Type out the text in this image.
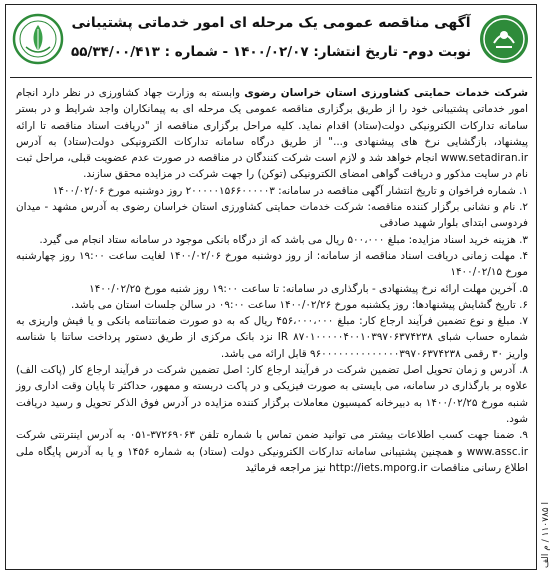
آگهی مناقصه عمومی یک مرحله ای امور خدماتی پشتیبانی
نوبت دوم- تاریخ انتشار: ۱۴۰۰/۰۲/۰۷ - شماره : ۵۵/۳۴/۰۰/۴۱۳

شرکت خدمات حمایتی کشاورزی استان خراسان رضوی وابسته به وزارت جهاد کشاورزی در نظر دارد انجام امور خدماتی پشتیبانی خود را از طریق برگزاری مناقصه عمومی یک مرحله ای به پیمانکاران واجد شرایط و در بستر سامانه تدارکات الکترونیکی دولت(ستاد) اقدام نماید. کلیه مراحل برگزاری مناقصه از "دریافت اسناد مناقصه تا ارائه پیشنهاد، بازگشایی نرخ های پیشنهادی و..." از طریق درگاه سامانه تدارکات الکترونیکی دولت(ستاد) به آدرس www.setadiran.ir انجام خواهد شد و لازم است شرکت کنندگان در مناقصه در صورت عدم عضویت قبلی، مراحل ثبت نام در سایت مذکور و دریافت گواهی امضای الکترونیکی (توکن) را جهت شرکت در مزایده محقق سازند.

۱. شماره فراخوان و تاریخ انتشار آگهی مناقصه در سامانه: ۲۰۰۰۰۰۱۵۶۶۰۰۰۰۰۳ روز دوشنبه مورخ ۱۴۰۰/۰۲/۰۶

۲. نام و نشانی برگزار کننده مناقصه: شرکت خدمات حمایتی کشاورزی استان خراسان رضوی به آدرس مشهد - میدان فردوسی ابتدای بلوار شهید صادقی

۳. هزینه خرید اسناد مزایده: مبلغ ۵۰۰،۰۰۰ ریال می باشد که از درگاه بانکی موجود در سامانه ستاد انجام می گیرد.

۴. مهلت زمانی دریافت اسناد مناقصه از سامانه: از روز دوشنبه مورخ ۱۴۰۰/۰۲/۰۶ لغایت ساعت ۱۹:۰۰ روز چهارشنبه مورخ ۱۴۰۰/۰۲/۱۵

۵. آخرین مهلت ارائه نرخ پیشنهادی - بارگذاری در سامانه: تا ساعت ۱۹:۰۰ روز شنبه مورخ ۱۴۰۰/۰۲/۲۵

۶. تاریخ گشایش پیشنهادها: روز یکشنبه مورخ ۱۴۰۰/۰۲/۲۶ ساعت ۰۹:۰۰ در سالن جلسات استان می باشد.

۷. مبلغ و نوع تضمین فرآیند ارجاع کار: مبلغ ۴۵۶،۰۰۰،۰۰۰ ریال که به دو صورت ضمانتنامه بانکی و یا فیش واریزی به شماره حساب شبای IR ۸۷۰۱۰۰۰۰۰۴۰۰۱۰۳۹۷۰۶۳۷۴۲۳۸ نزد بانک مرکزی از طریق دستور پرداخت ساتنا با شناسه واریز ۳۰ رقمی ۹۶۰۰۰۰۰۰۰۰۰۰۰۰۰۰۳۹۷۰۶۳۷۴۲۳۸ قابل ارائه می باشد.

۸. آدرس و زمان تحویل اصل تضمین شرکت در فرآیند ارجاع کار: اصل تضمین شرکت در فرآیند ارجاع کار (پاکت الف) علاوه بر بارگذاری در سامانه، می بایستی به صورت فیزیکی و در پاکت دربسته و ممهور، حداکثر تا پایان وقت اداری روز شنبه مورخ ۱۴۰۰/۰۲/۲۵ به دبیرخانه کمیسیون معاملات برگزار کننده مزایده در آدرس فوق الذکر تحویل و رسید دریافت شود.

۹. ضمنا جهت کسب اطلاعات بیشتر می توانید ضمن تماس با شماره تلفن ۳۷۲۶۹۰۶۳-۰۵۱ به آدرس اینترنتی شرکت www.assc.ir و همچنین پشتیبانی سامانه تدارکات الکترونیکی دولت (ستاد) به شماره ۱۴۵۶ و یا به آدرس پایگاه ملی اطلاع رسانی مناقصات http://iets.mporg.ir نیز مراجعه فرمائید

ا ۱۱۰۷۸۵ / م الف
